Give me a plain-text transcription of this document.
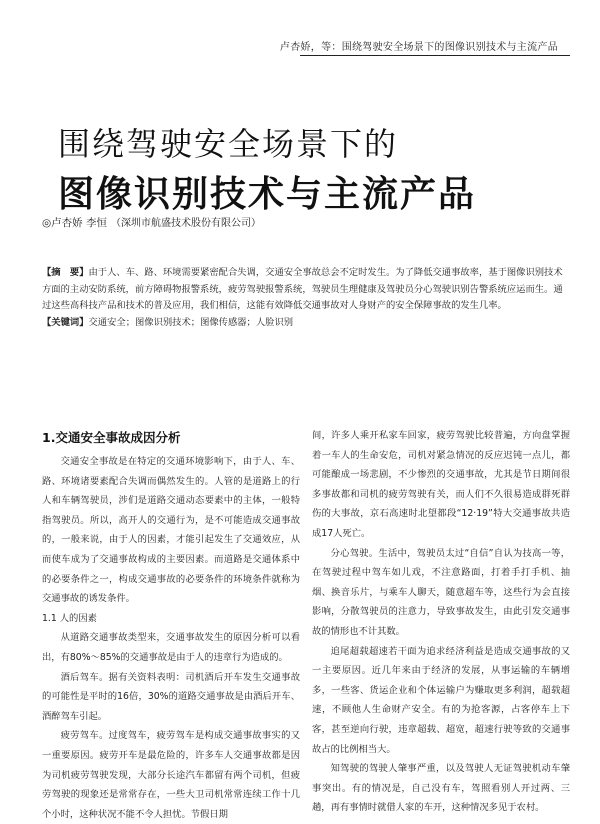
卢杏娇，等：围绕驾驶安全场景下的图像识别技术与主流产品
围绕驾驶安全场景下的
图像识别技术与主流产品
◎卢杏娇 李恒 （深圳市航盛技术股份有限公司）
【摘　要】由于人、车、路、环境需要紧密配合失调，交通安全事故总会不定时发生。为了降低交通事故率，基于图像识别技术方面的主动安防系统，前方障碍物报警系统，疲劳驾驶报警系统，驾驶员生理健康及驾驶员分心驾驶识别告警系统应运而生。通过这些高科技产品和技术的普及应用，我们相信，这能有效降低交通事故对人身财产的安全保障事故的发生几率。
【关键词】交通安全；图像识别技术；图像传感器；人脸识别
1.交通安全事故成因分析

交通安全事故是在特定的交通环境影响下，由于人、车、路、环境诸要素配合失调而偶然发生的。人管的是道路上的行人和车辆驾驶员，涉们是道路交通动态要素中的主体，一般特指驾驶员。所以，高开人的交通行为，是不可能造成交通事故的，一般来说，由于人的因素，才能引起发生了交通效应，从而使车成为了交通事故构成的主要因素。而道路是交通体系中的必要条件之一，构成交通事故的必要条件的环境条件就称为交通事故的诱发条件。

1.1 人的因素

从道路交通事故类型来，交通事故发生的原因分析可以看出，有80%～85%的交通事故是由于人的违章行为造成的。

酒后驾车。据有关资料表明：司机酒后开车发生交通事故的可能性是平时的16倍，30%的道路交通事故是由酒后开车、酒醉驾车引起。

疲劳驾车。过度驾车，疲劳驾车是构成交通事故事实的又一重要原因。疲劳开车是最危险的，许多车人交通事故都是因为司机疲劳驾驶发现，大部分长途汽车都留有两个司机，但疲劳驾驶的现象还是常常存在，一些大卫司机常常连续工作十几个小时，这种状况不能不令人担忧。节假日期

间，许多人乘开私家车回家，疲劳驾驶比较普遍，方向盘掌握着一车人的生命安危，司机对紧急情况的反应迟钝一点儿，都可能酿成一场悲剧，不少惨烈的交通事故，尤其是节日期间很多事故都和司机的疲劳驾驶有关，而人们不久很易造成群死群伤的大事故，京石高速时北望都段“12·19”特大交通事故共造成17人死亡。

分心驾驶。生活中，驾驶员太过“自信”自认为技高一等，在驾驶过程中驾车如儿戏，不注意路面，打着手打手机、抽烟、换音乐片，与乘车人聊天，随意超车等，这些行为会直接影响，分散驾驶员的注意力，导致事故发生，由此引发交通事故的情形也不计其数。

追尾超载超速若干面为追求经济利益是造成交通事故的又一主要原因。近几年来由于经济的发展，从事运输的车辆增多，一些客、货运企业和个体运输户为赚取更多利润，超载超速，不顾他人生命财产安全。有的为抢客源，占客停车上下客，甚至逆向行驶，违章超载、超宽，超速行驶等致的交通事故占的比例相当大。

知驾驶的驾驶人肇事严重，以及驾驶人无证驾驶机动车肇事突出。有的情况是，自己没有车，驾照看别人开过两、三趟，再有事情时就借人家的车开，这种情况多见于农村。
